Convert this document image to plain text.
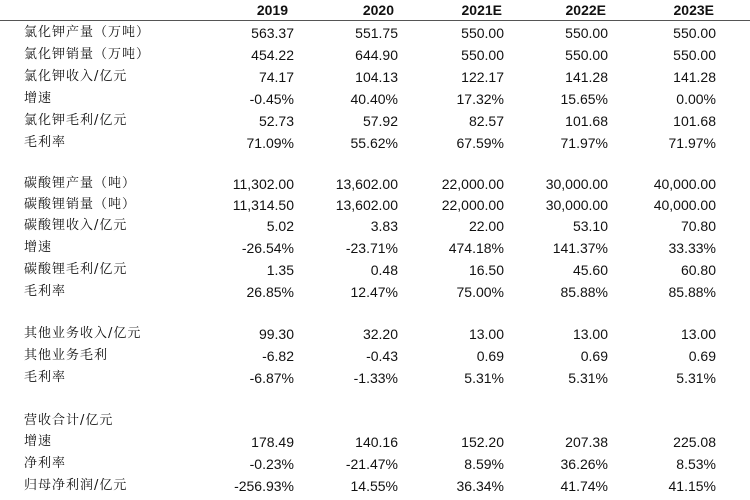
2019	2020	2021E	2022E	2023E
氯化钾产量（万吨）	563.37	551.75	550.00	550.00	550.00
氯化钾销量（万吨）	454.22	644.90	550.00	550.00	550.00
氯化钾收入/亿元	74.17	104.13	122.17	141.28	141.28
增速	-0.45%	40.40%	17.32%	15.65%	0.00%
氯化钾毛利/亿元	52.73	57.92	82.57	101.68	101.68
毛利率	71.09%	55.62%	67.59%	71.97%	71.97%
碳酸锂产量（吨）	11,302.00	13,602.00	22,000.00	30,000.00	40,000.00
碳酸锂销量（吨）	11,314.50	13,602.00	22,000.00	30,000.00	40,000.00
碳酸锂收入/亿元	5.02	3.83	22.00	53.10	70.80
增速	-26.54%	-23.71%	474.18%	141.37%	33.33%
碳酸锂毛利/亿元	1.35	0.48	16.50	45.60	60.80
毛利率	26.85%	12.47%	75.00%	85.88%	85.88%
其他业务收入/亿元	99.30	32.20	13.00	13.00	13.00
其他业务毛利	-6.82	-0.43	0.69	0.69	0.69
毛利率	-6.87%	-1.33%	5.31%	5.31%	5.31%
营收合计/亿元
增速	178.49	140.16	152.20	207.38	225.08
净利率	-0.23%	-21.47%	8.59%	36.26%	8.53%
归母净利润/亿元	-256.93%	14.55%	36.34%	41.74%	41.15%
